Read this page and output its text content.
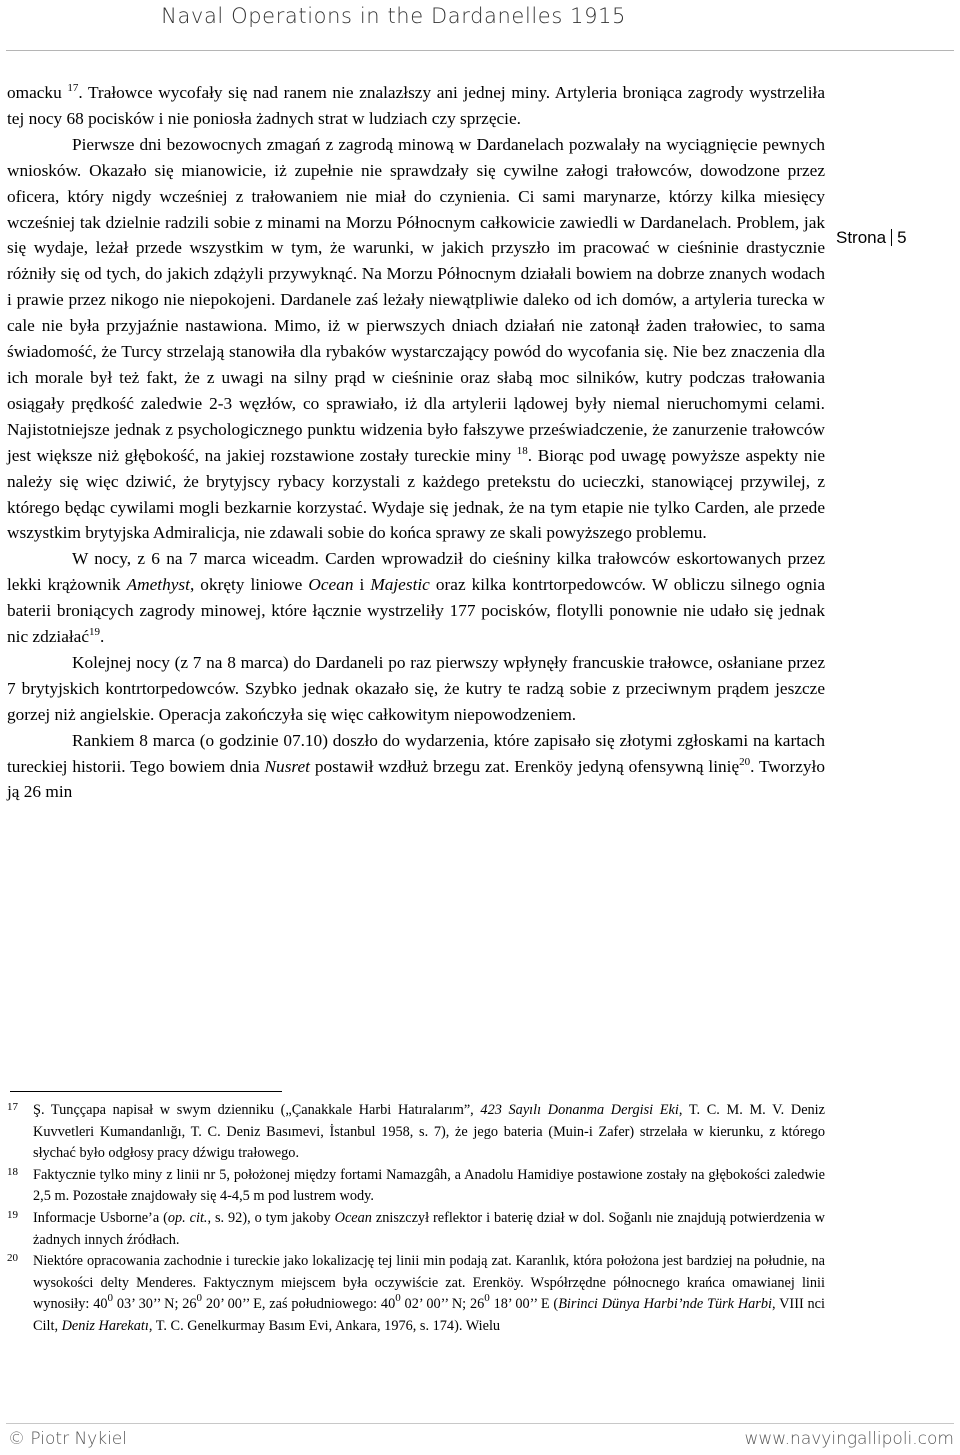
Naval Operations in the Dardanelles 1915

omacku $^{17}$. Trałowce wycofały się nad ranem nie znalazłszy ani jednej miny. Artyleria broniąca zagrody wystrzeliła tej nocy 68 pocisków i nie poniosła żadnych strat w ludziach czy sprzęcie.

Pierwsze dni bezowocnych zmagań z zagrodą minową w Dardanelach pozwalały na wyciągnięcie pewnych wniosków. Okazało się mianowicie, iż zupełnie nie sprawdzały się cywilne załogi trałowców, dowodzone przez oficera, który nigdy wcześniej z trałowaniem nie miał do czynienia. Ci sami marynarze, którzy kilka miesięcy wcześniej tak dzielnie radzili sobie z minami na Morzu Północnym całkowicie zawiedli w Dardanelach. Problem, jak się wydaje, leżał przede wszystkim w tym, że warunki, w jakich przyszło im pracować w cieśninie drastycznie różniły się od tych, do jakich zdążyli przywyknąć. Na Morzu Północnym działali bowiem na dobrze znanych wodach i prawie przez nikogo nie niepokojeni. Dardanele zaś leżały niewątpliwie daleko od ich domów, a artyleria turecka w cale nie była przyjaźnie nastawiona. Mimo, iż w pierwszych dniach działań nie zatonął żaden trałowiec, to sama świadomość, że Turcy strzelają stanowiła dla rybaków wystarczający powód do wycofania się. Nie bez znaczenia dla ich morale był też fakt, że z uwagi na silny prąd w cieśninie oraz słabą moc silników, kutry podczas trałowania osiągały prędkość zaledwie 2-3 węzłów, co sprawiało, iż dla artylerii lądowej były niemal nieruchomymi celami. Najistotniejsze jednak z psychologicznego punktu widzenia było fałszywe przeświadczenie, że zanurzenie trałowców jest większe niż głębokość, na jakiej rozstawione zostały tureckie miny $^{18}$. Biorąc pod uwagę powyższe aspekty nie należy się więc dziwić, że brytyjscy rybacy korzystali z każdego pretekstu do ucieczki, stanowiącej przywilej, z którego będąc cywilami mogli bezkarnie korzystać. Wydaje się jednak, że na tym etapie nie tylko Carden, ale przede wszystkim brytyjska Admiralicja, nie zdawali sobie do końca sprawy ze skali powyższego problemu.

W nocy, z 6 na 7 marca wiceadm. Carden wprowadził do cieśniny kilka trałowców eskortowanych przez lekki krążownik Amethyst, okręty liniowe Ocean i Majestic oraz kilka kontrtorpedowców. W obliczu silnego ognia baterii broniących zagrody minowej, które łącznie wystrzeliły 177 pocisków, flotylli ponownie nie udało się jednak nic zdziałać$^{19}$.

Kolejnej nocy (z 7 na 8 marca) do Dardaneli po raz pierwszy wpłynęły francuskie trałowce, osłaniane przez 7 brytyjskich kontrtorpedowców. Szybko jednak okazało się, że kutry te radzą sobie z przeciwnym prądem jeszcze gorzej niż angielskie. Operacja zakończyła się więc całkowitym niepowodzeniem.

Rankiem 8 marca (o godzinie 07.10) doszło do wydarzenia, które zapisało się złotymi zgłoskami na kartach tureckiej historii. Tego bowiem dnia Nusret postawił wzdłuż brzegu zat. Erenköy jedyną ofensywną linię$^{20}$. Tworzyło ją 26 min

Strona 5
17 Ş. Tunççapa napisał w swym dzienniku („Çanakkale Harbi Hatıralarım”, 423 Sayılı Donanma Dergisi Eki, T. C. M. M. V. Deniz Kuvvetleri Kumandanlığı, T. C. Deniz Basımevi, İstanbul 1958, s. 7), że jego bateria (Muin-i Zafer) strzelała w kierunku, z którego słychać było odgłosy pracy dźwigu trałowego.
18 Faktycznie tylko miny z linii nr 5, położonej między fortami Namazgâh, a Anadolu Hamidiye postawione zostały na głębokości zaledwie 2,5 m. Pozostałe znajdowały się 4-4,5 m pod lustrem wody.
19 Informacje Usborne’a (op. cit., s. 92), o tym jakoby Ocean zniszczył reflektor i baterię dział w dol. Soğanlı nie znajdują potwierdzenia w żadnych innych źródłach.
20 Niektóre opracowania zachodnie i tureckie jako lokalizację tej linii min podają zat. Karanlık, która położona jest bardziej na południe, na wysokości delty Menderes. Faktycznym miejscem była oczywiście zat. Erenköy. Współrzędne północnego krańca omawianej linii wynosiły: $40^0$ 03’ 30’’ N; $26^0$ 20’ 00’’ E, zaś południowego: $40^0$ 02’ 00’’ N; $26^0$ 18’ 00’’ E (Birinci Dünya Harbi’nde Türk Harbi, VIII nci Cilt, Deniz Harekatı, T. C. Genelkurmay Basım Evi, Ankara, 1976, s. 174). Wielu
© Piotr Nykiel	www.navyingallipoli.com
